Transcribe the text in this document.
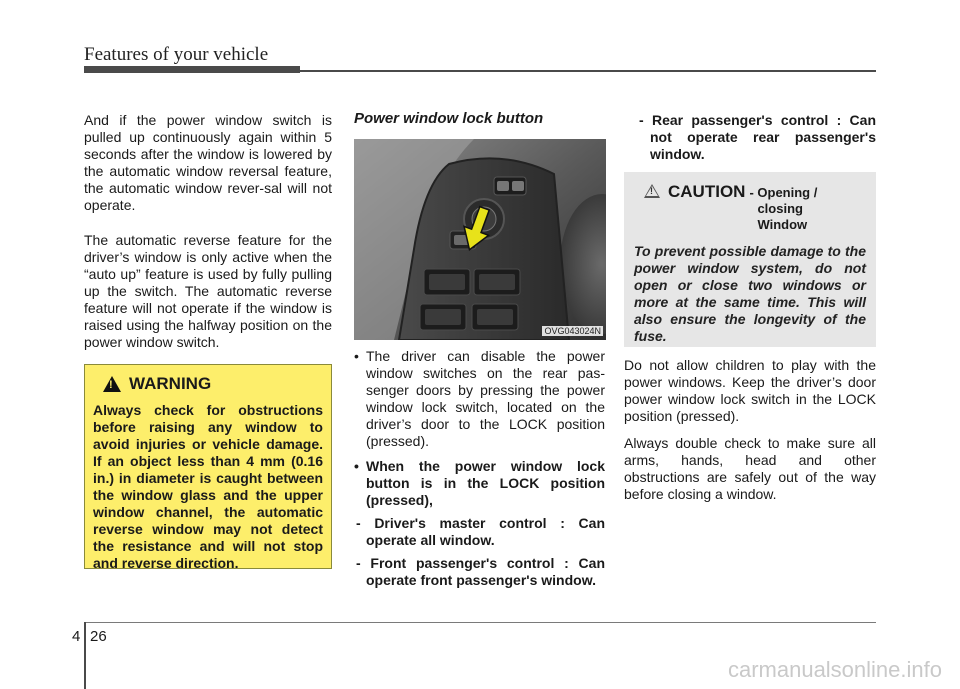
Features of your vehicle

And if the power window switch is pulled up continuously again within 5 seconds after the window is lowered by the automatic window reversal feature, the automatic window rever-sal will not operate.

The automatic reverse feature for the driver’s window is only active when the “auto up” feature is used by fully pulling up the switch. The automatic reverse feature will not operate if the window is raised using the halfway position on the power window switch.

!
WARNING
Always check for obstructions before raising any window to avoid injuries or vehicle damage. If an object less than 4 mm (0.16 in.) in diameter is caught between the window glass and the upper window channel, the automatic reverse window may not detect the resistance and will not stop and reverse direction.
Power window lock button
OVG043024N
• The driver can disable the power window switches on the rear pas-senger doors by pressing the power window lock switch, located on the driver’s door to the LOCK position (pressed).
• When the power window lock button is in the LOCK position (pressed),
- Driver's master control : Can operate all window.
- Front passenger's control : Can operate front passenger's window.
- Rear passenger's control : Can not operate rear passenger's window.
!
CAUTION - Opening /
closing
Window
To prevent possible damage to the power window system, do not open or close two windows or more at the same time. This will also ensure the longevity of the fuse.

Do not allow children to play with the power windows. Keep the driver’s door power window lock switch in the LOCK position (pressed).

Always double check to make sure all arms, hands, head and other obstructions are safely out of the way before closing a window.

4 26
carmanualsonline.info
